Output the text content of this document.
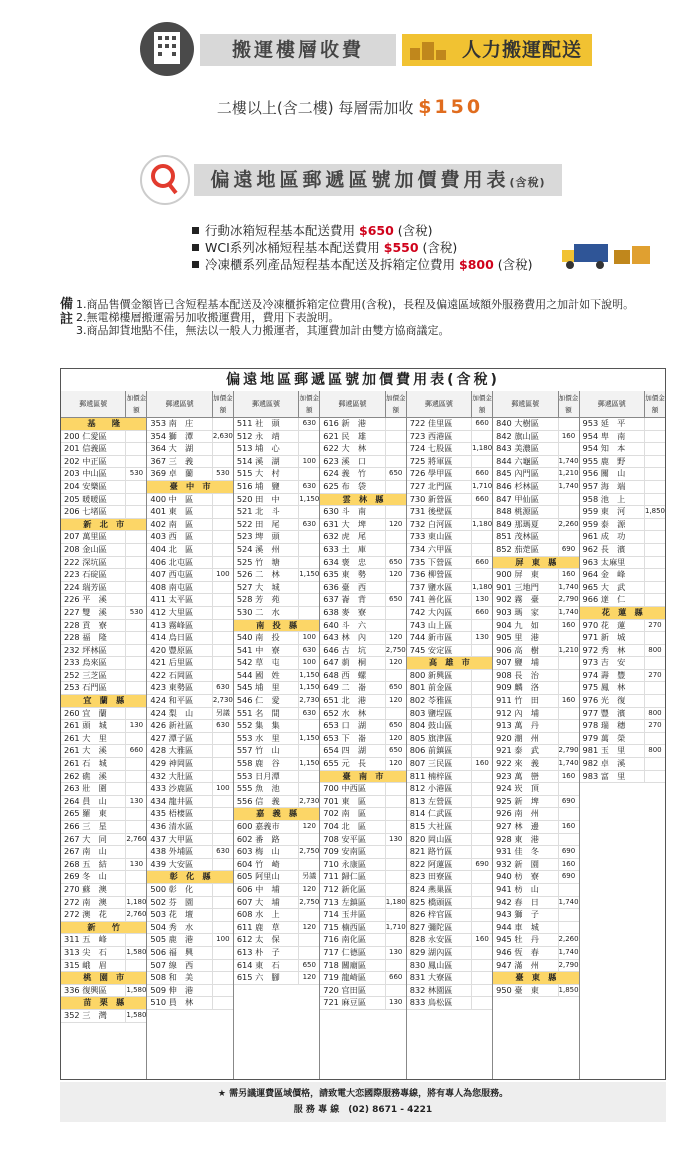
搬運樓層收費	人力搬運配送
二樓以上(含二樓) 每層需加收 $150
偏遠地區郵遞區號加價費用表(含稅)
行動冰箱短程基本配送費用 $650 (含稅)
WCI系列冰桶短程基本配送費用 $550 (含稅)
冷凍櫃系列產品短程基本配送及拆箱定位費用 $800 (含稅)
備註
1.商品售價金額皆已含短程基本配送及冷凍櫃拆箱定位費用(含稅)，長程及偏遠區域額外服務費用之加計如下說明。
2.無電梯樓層搬運需另加收搬運費用，費用下表說明。
3.商品卸貨地點不佳，無法以一般人力搬運者，其運費加計由雙方協商議定。
偏遠地區郵遞區號加價費用表(含稅)
郵遞區號
加價金額
基　　隆
200 仁愛區
201 信義區
202 中正區
203 中山區	530
204 安樂區
205 暖暖區
206 七堵區
新　北　市
207 萬里區
208 金山區
222 深坑區
223 石碇區
224 瑞芳區
226 平　溪
227 雙　溪	530
228 貢　寮
228 福　隆
232 坪林區
233 烏來區
252 三芝區
253 石門區
宜　蘭　縣
260 宜　蘭
261 頭　城	130
261 大　里
261 大　溪	660
261 石　城
262 礁　溪
263 壯　圍
264 員　山	130
265 羅　東
266 三　星
267 大　同	2,760
267 南　山
268 五　結	130
269 冬　山
270 蘇　澳
272 南　澳	1,180
272 澳　花	2,760
新　　竹
311 五　峰
313 尖　石	1,580
315 峨　眉
桃　園　市
336 復興區	1,580
苗　栗　縣
352 三　灣	1,580
郵遞區號
加價金額
353 南　庄
354 獅　潭	2,630
364 大　湖
367 三　義
369 卓　蘭	530
臺　中　市
400 中　區
401 東　區
402 南　區
403 西　區
404 北　區
406 北屯區
407 西屯區	100
408 南屯區
411 太平區
412 大里區
413 霧峰區
414 烏日區
420 豐原區
421 后里區
422 石岡區
423 東勢區	630
424 和平區	2,730
424 梨　山	另議
426 新社區	630
427 潭子區
428 大雅區
429 神岡區
432 大肚區
433 沙鹿區	100
434 龍井區
435 梧棲區
436 清水區
437 大甲區
438 外埔區	630
439 大安區
彰　化　縣
500 彰　化
502 芬　園
503 花　壇
504 秀　水
505 鹿　港	100
506 福　興
507 線　西
508 和　美
509 伸　港
510 員　林
郵遞區號
加價金額
511 社　頭	630
512 永　靖
513 埔　心
514 溪　湖	100
515 大　村
516 埔　鹽	630
520 田　中	1,150
521 北　斗
522 田　尾	630
523 埤　頭
524 溪　州
525 竹　塘
526 二　林	1,150
527 大　城
528 芳　苑
530 二　水
南　投　縣
540 南　投	100
541 中　寮	630
542 草　屯	100
544 國　姓	1,150
545 埔　里	1,150
546 仁　愛	2,730
551 名　間	630
552 集　集
553 水　里	1,150
557 竹　山
558 鹿　谷	1,150
553 日月潭
555 魚　池
556 信　義	2,730
嘉　義　縣
600 嘉義市	120
602 番　路
603 梅　山	2,750
604 竹　崎
605 阿里山	另議
606 中　埔	120
607 大　埔	2,750
608 水　上
611 鹿　草	120
612 太　保
613 朴　子
614 東　石	650
615 六　腳	120
郵遞區號
加價金額
616 新　港
621 民　雄
622 大　林
623 溪　口
624 義　竹	650
625 布　袋
雲　林　縣
630 斗　南
631 大　埤	120
632 虎　尾
633 土　庫
634 褒　忠	650
635 東　勢	120
636 臺　西
637 崙　背	650
638 麥　寮
640 斗　六
643 林　內	120
646 古　坑	2,750
647 莿　桐	120
648 西　螺
649 二　崙	650
651 北　港	120
652 水　林
653 口　湖	650
653 下　崙	120
654 四　湖	650
655 元　長	120
臺　南　市
700 中西區
701 東　區
702 南　區
704 北　區
708 安平區	130
709 安南區
710 永康區
711 歸仁區
712 新化區
713 左鎮區	1,180
714 玉井區
715 楠西區	1,710
716 南化區
717 仁德區	130
718 關廟區
719 龍崎區	660
720 官田區
721 麻豆區	130
郵遞區號
加價金額
722 佳里區	660
723 西港區
724 七股區	1,180
725 將軍區
726 學甲區	660
727 北門區	1,710
730 新營區	660
731 後壁區
732 白河區	1,180
733 東山區
734 六甲區
735 下營區	660
736 柳營區
737 鹽水區	1,180
741 善化區	130
742 大內區	660
743 山上區
744 新市區	130
745 安定區
高　雄　市
800 新興區
801 前金區
802 苓雅區
803 鹽埕區
804 鼓山區
805 旗津區
806 前鎮區
807 三民區	160
811 楠梓區
812 小港區
813 左營區
814 仁武區
815 大社區
820 岡山區
821 路竹區
822 阿蓮區	690
823 田寮區
824 燕巢區
825 橋頭區
826 梓官區
827 彌陀區
828 永安區	160
829 湖內區
830 鳳山區
831 大寮區
832 林園區
833 鳥松區
郵遞區號
加價金額
840 大樹區
842 旗山區	160
843 美濃區
844 六龜區	1,740
845 內門區	1,210
846 杉林區	1,740
847 甲仙區
848 桃源區
849 那瑪夏	2,260
851 茂林區
852 茄萣區	690
屏　東　縣
900 屏　東	160
901 三地門	1,740
902 霧　臺	2,790
903 瑪　家	1,740
904 九　如	160
905 里　港
906 高　樹	1,210
907 鹽　埔
908 長　治
909 麟　洛
911 竹　田	160
912 內　埔
913 萬　丹
920 潮　州
921 泰　武	2,790
922 來　義	1,740
923 萬　巒	160
924 崁　頂
925 新　埤	690
926 南　州
927 林　邊	160
928 東　港
931 佳　冬	690
932 新　園	160
940 枋　寮	690
941 枋　山
942 春　日	1,740
943 獅　子
944 車　城
945 牡　丹	2,260
946 恆　春	1,740
947 滿　州	2,790
臺　東　縣
950 臺　東	1,850
郵遞區號
加價金額
953 延　平
954 卑　南
954 知　本
955 鹿　野
956 關　山
957 海　端
958 池　上
959 東　河	1,850
959 泰　源
961 成　功
962 長　濱
963 太麻里
964 金　峰
965 大　武
966 達　仁
花　蓮　縣
970 花　蓮	270
971 新　城
972 秀　林	800
973 吉　安
974 壽　豐	270
975 鳳　林
976 光　復
977 豐　濱	800
978 瑞　穗	270
979 萬　榮
981 玉　里	800
982 卓　溪
983 富　里
★ 需另議運費區域價格，請致電大恋國際服務專線，將有專人為您服務。
服 務 專 線　(02) 8671 - 4221
